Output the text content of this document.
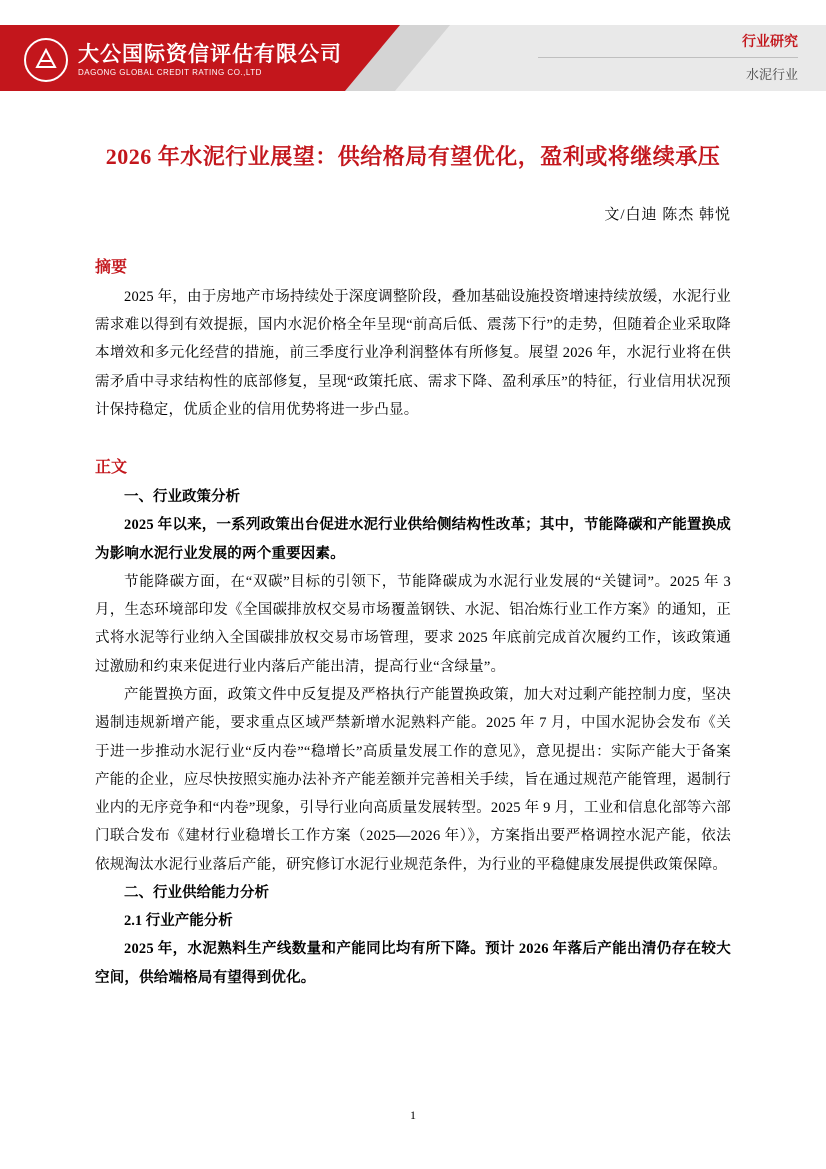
大公国际资信评估有限公司
DAGONG GLOBAL CREDIT RATING CO.,LTD
行业研究
水泥行业
2026 年水泥行业展望：供给格局有望优化，盈利或将继续承压
文/白迪 陈杰 韩悦
摘要

2025 年，由于房地产市场持续处于深度调整阶段，叠加基础设施投资增速持续放缓，水泥行业需求难以得到有效提振，国内水泥价格全年呈现“前高后低、震荡下行”的走势，但随着企业采取降本增效和多元化经营的措施，前三季度行业净利润整体有所修复。展望 2026 年，水泥行业将在供需矛盾中寻求结构性的底部修复，呈现“政策托底、需求下降、盈利承压”的特征，行业信用状况预计保持稳定，优质企业的信用优势将进一步凸显。

正文

一、行业政策分析

2025 年以来，一系列政策出台促进水泥行业供给侧结构性改革；其中，节能降碳和产能置换成为影响水泥行业发展的两个重要因素。

节能降碳方面，在“双碳”目标的引领下，节能降碳成为水泥行业发展的“关键词”。2025 年 3 月，生态环境部印发《全国碳排放权交易市场覆盖钢铁、水泥、铝冶炼行业工作方案》的通知，正式将水泥等行业纳入全国碳排放权交易市场管理，要求 2025 年底前完成首次履约工作，该政策通过激励和约束来促进行业内落后产能出清，提高行业“含绿量”。

产能置换方面，政策文件中反复提及严格执行产能置换政策，加大对过剩产能控制力度，坚决遏制违规新增产能，要求重点区域严禁新增水泥熟料产能。2025 年 7 月，中国水泥协会发布《关于进一步推动水泥行业“反内卷”“稳增长”高质量发展工作的意见》，意见提出：实际产能大于备案产能的企业，应尽快按照实施办法补齐产能差额并完善相关手续，旨在通过规范产能管理，遏制行业内的无序竞争和“内卷”现象，引导行业向高质量发展转型。2025 年 9 月，工业和信息化部等六部门联合发布《建材行业稳增长工作方案（2025—2026 年）》，方案指出要严格调控水泥产能，依法依规淘汰水泥行业落后产能，研究修订水泥行业规范条件，为行业的平稳健康发展提供政策保障。

二、行业供给能力分析

2.1 行业产能分析

2025 年，水泥熟料生产线数量和产能同比均有所下降。预计 2026 年落后产能出清仍存在较大空间，供给端格局有望得到优化。

1
